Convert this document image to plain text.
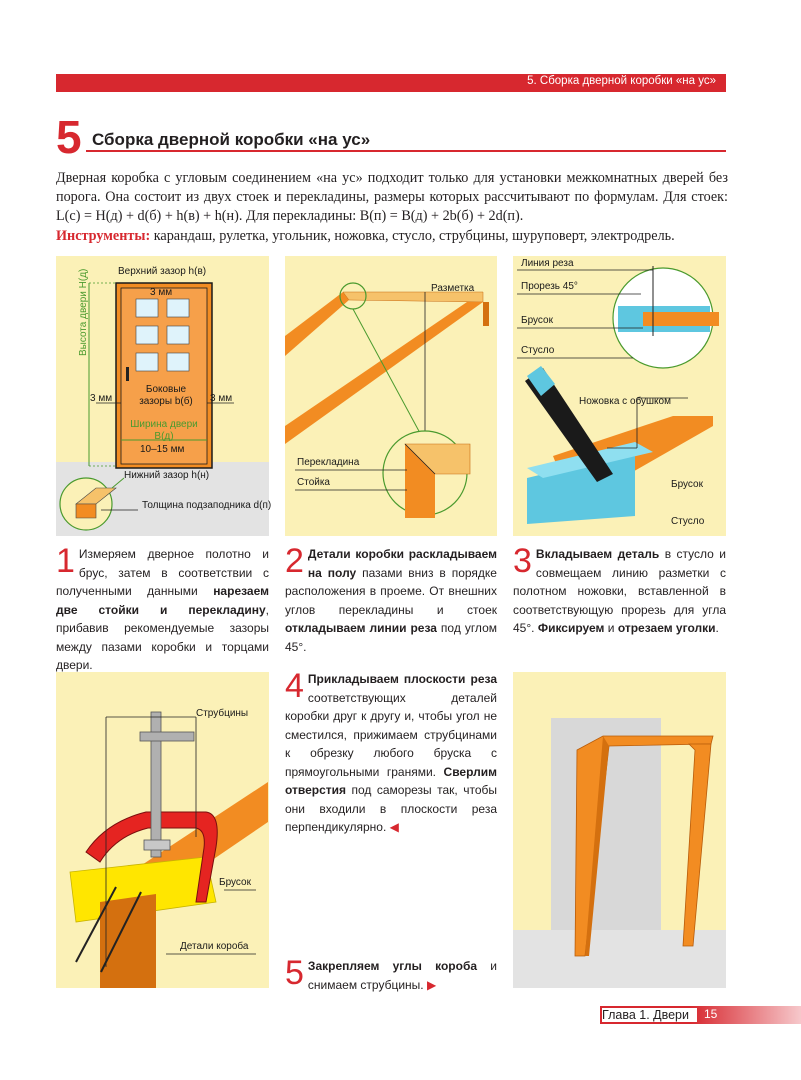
5. Сборка дверной коробки «на ус»
5 Сборка дверной коробки «на ус»
Дверная коробка с угловым соединением «на ус» подходит только для установки межкомнатных дверей без порога. Она состоит из двух стоек и перекладины, размеры которых рассчитывают по формулам. Для стоек: L(с) = H(д) + d(б) + h(в) + h(н). Для перекладины: B(п) = B(д) + 2b(б) + 2d(п).
Инструменты: карандаш, рулетка, угольник, ножовка, стусло, струбцины, шуруповерт, электродрель.
Верхний зазор h(в)
3 мм
Высота двери H(д)
3 мм	3 мм
Боковые зазоры b(б)
Ширина двери B(д)
10–15 мм
Нижний зазор h(н)
Толщина подзаподника d(п)
Разметка
Перекладина
Стойка
Линия реза
Прорезь 45°
Брусок
Стусло
Ножовка с обушком
Брусок
Стусло
1 Измеряем дверное полотно и брус, затем в соответствии с полученными данными нарезаем две стойки и перекладину, прибавив рекомендуемые зазоры между пазами коробки и торцами двери.
2 Детали коробки раскладываем на полу пазами вниз в порядке расположения в проеме. От внешних углов перекладины и стоек откладываем линии реза под углом 45°.
3 Вкладываем деталь в стусло и совмещаем линию разметки с полотном ножовки, вставленной в соответствующую прорезь для угла 45°. Фиксируем и отрезаем уголки.
Струбцины
Брусок
Детали короба
4 Прикладываем плоскости реза соответствующих деталей коробки друг к другу и, чтобы угол не сместился, прижимаем струбцинами к обрезку любого бруска с прямоугольными гранями. Сверлим отверстия под саморезы так, чтобы они входили в плоскости реза перпендикулярно. ◀
5 Закрепляем углы короба и снимаем струбцины. ▶
Глава 1. Двери	15
